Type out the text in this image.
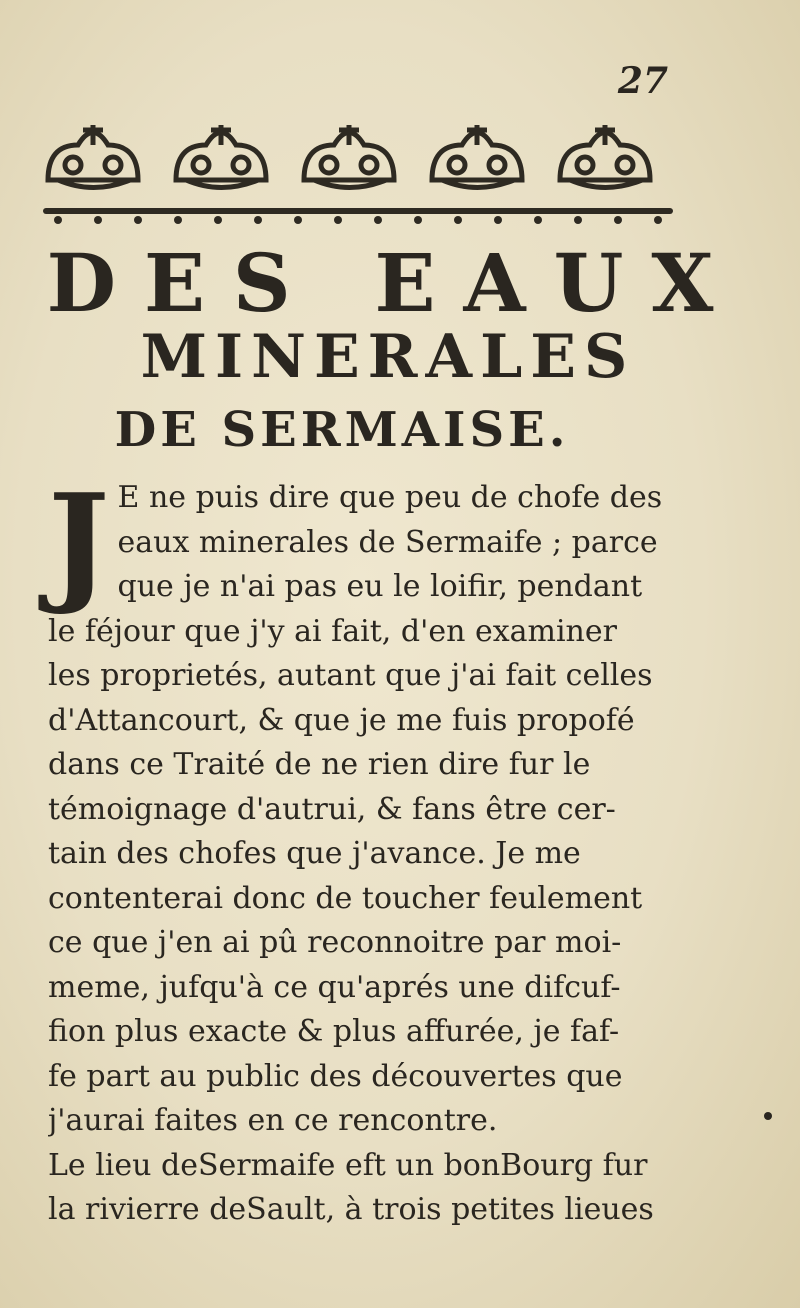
27
DES EAUX
MINERALES
DE SERMAISE.
J E ne puis dire que peu de chofe des
eaux minerales de Sermaife ; parce
que je n'ai pas eu le loifir, pendant
le féjour que j'y ai fait, d'en examiner
les proprietés, autant que j'ai fait celles
d'Attancourt, & que je me fuis propofé
dans ce Traité de ne rien dire fur le
témoignage d'autrui, & fans être cer-
tain des chofes que j'avance. Je me
contenterai donc de toucher feulement
ce que j'en ai pû reconnoitre par moi-
meme, jufqu'à ce qu'aprés une difcuf-
fion plus exacte & plus affurée, je faf-
fe part au public des découvertes que
j'aurai faites en ce rencontre.
Le lieu deSermaife eft un bonBourg fur
la rivierre deSault, à trois petites lieues
